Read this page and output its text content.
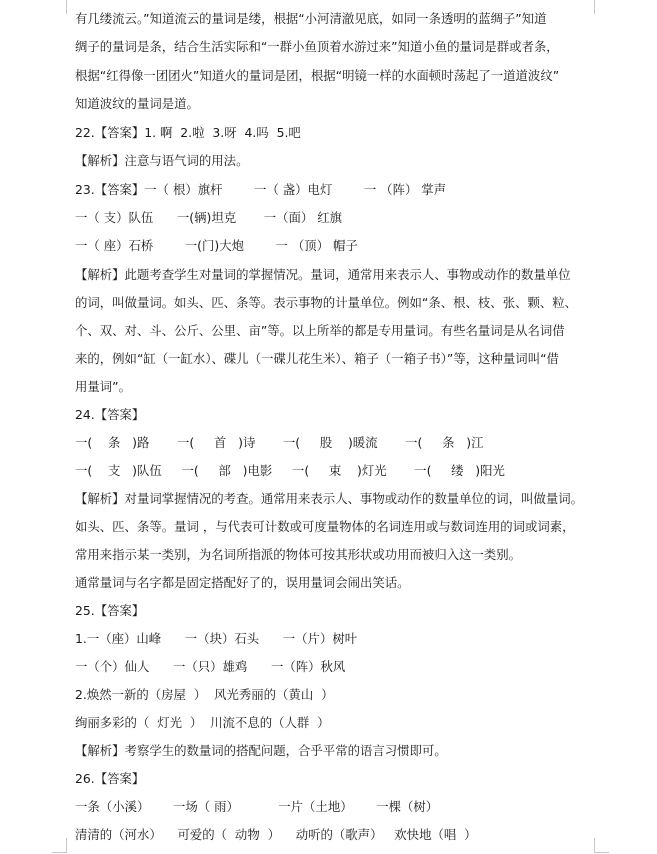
有几缕流云。”知道流云的量词是缕，根据“小河清澈见底，如同一条透明的蓝绸子”知道
绸子的量词是条，结合生活实际和“一群小鱼顶着水游过来”知道小鱼的量词是群或者条，
根据“红得像一团团火”知道火的量词是团，根据“明镜一样的水面顿时荡起了一道道波纹”
知道波纹的量词是道。
22.【答案】1. 啊  2.啦  3.呀  4.吗  5.吧
【解析】注意与语气词的用法。
23.【答案】一（ 根）旗杆        一（ 盏）电灯        一 （阵） 掌声
一（ 支）队伍      一(辆)坦克       一（面） 红旗
一（ 座）石桥        一(门)大炮        一 （顶） 帽子
【解析】此题考查学生对量词的掌握情况。量词，通常用来表示人、事物或动作的数量单位
的词，叫做量词。如头、匹、条等。表示事物的计量单位。例如“条、根、枝、张、颗、粒、
个、双、对、斗、公斤、公里、亩”等。以上所举的都是专用量词。有些名量词是从名词借
来的，例如“缸（一缸水）、碟儿（一碟儿花生米）、箱子（一箱子书）”等，这种量词叫“借
用量词”。
24.【答案】
一(    条   )路       一(     首   )诗       一(     股    )暖流       一(     条   )江
一(    支   )队伍     一(     部   )电影     一(     束    )灯光       一(     缕   )阳光
【解析】对量词掌握情况的考查。通常用来表示人、事物或动作的数量单位的词，叫做量词。
如头、匹、条等。量词 ，与代表可计数或可度量物体的名词连用或与数词连用的词或词素，
常用来指示某一类别，为名词所指派的物体可按其形状或功用而被归入这一类别。
通常量词与名字都是固定搭配好了的，误用量词会闹出笑话。
25.【答案】
1.一（座）山峰      一（块）石头      一（片）树叶
一（个）仙人      一（只）雄鸡      一（阵）秋风
2.焕然一新的（房屋  ）  风光秀丽的（黄山  ）
绚丽多彩的（  灯光  ）  川流不息的（人群  ）
【解析】考察学生的数量词的搭配问题，合乎平常的语言习惯即可。
26.【答案】
一条（小溪）      一场（ 雨）          一片（土地）      一棵（树）
清清的（河水）    可爱的（  动物  ）    动听的（歌声）   欢快地（唱  ）
